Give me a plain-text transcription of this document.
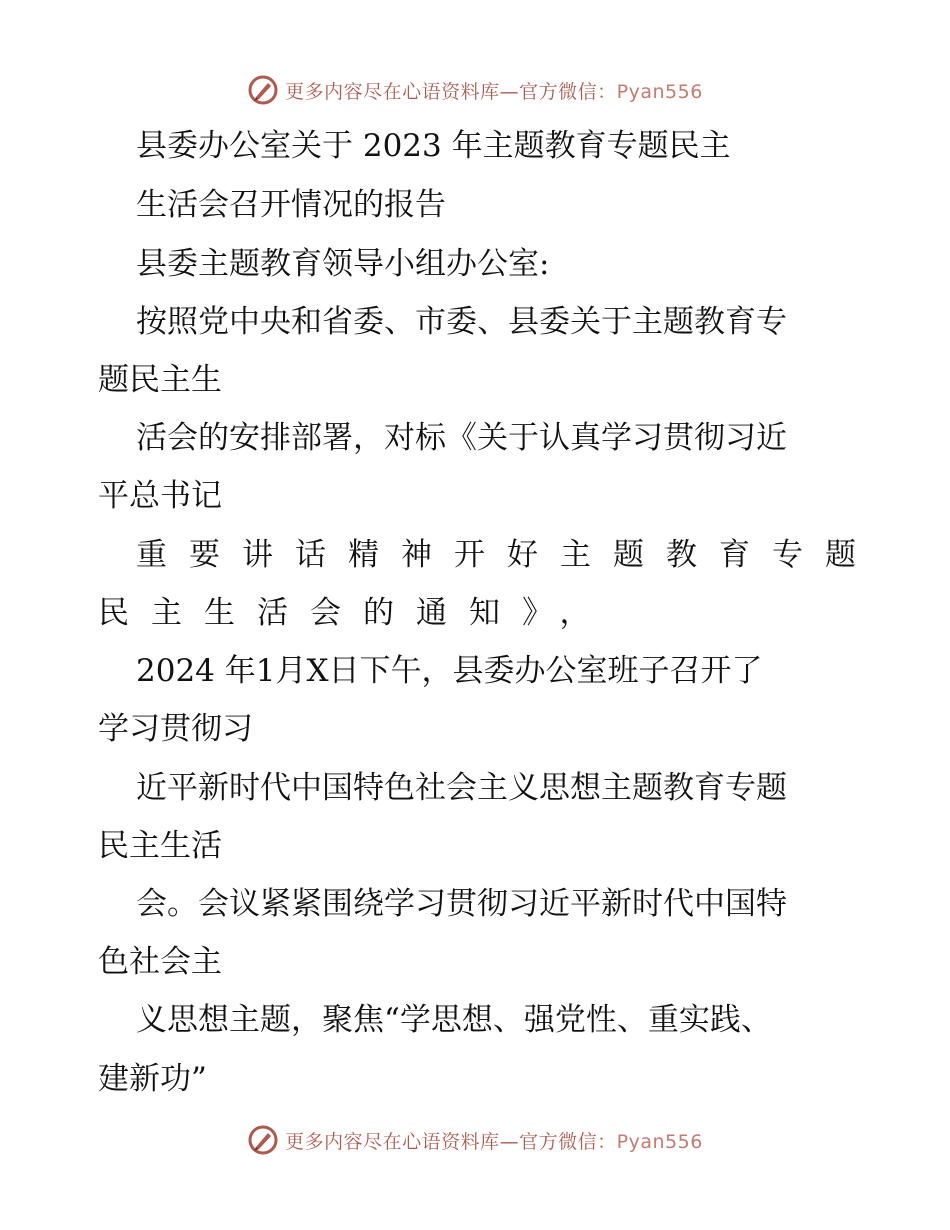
更多内容尽在心语资料库—官方微信：Pyan556
县委办公室关于 2023 年主题教育专题民主
生活会召开情况的报告
县委主题教育领导小组办公室:
按照党中央和省委、市委、县委关于主题教育专
题民主生
活会的安排部署，对标《关于认真学习贯彻习近
平总书记
重要讲话精神开好主题教育专题
民主生活会的通知》，
2024 年1月X日下午，县委办公室班子召开了
学习贯彻习
近平新时代中国特色社会主义思想主题教育专题
民主生活
会。会议紧紧围绕学习贯彻习近平新时代中国特
色社会主
义思想主题，聚焦“学思想、强党性、重实践、
建新功”
更多内容尽在心语资料库—官方微信：Pyan556
